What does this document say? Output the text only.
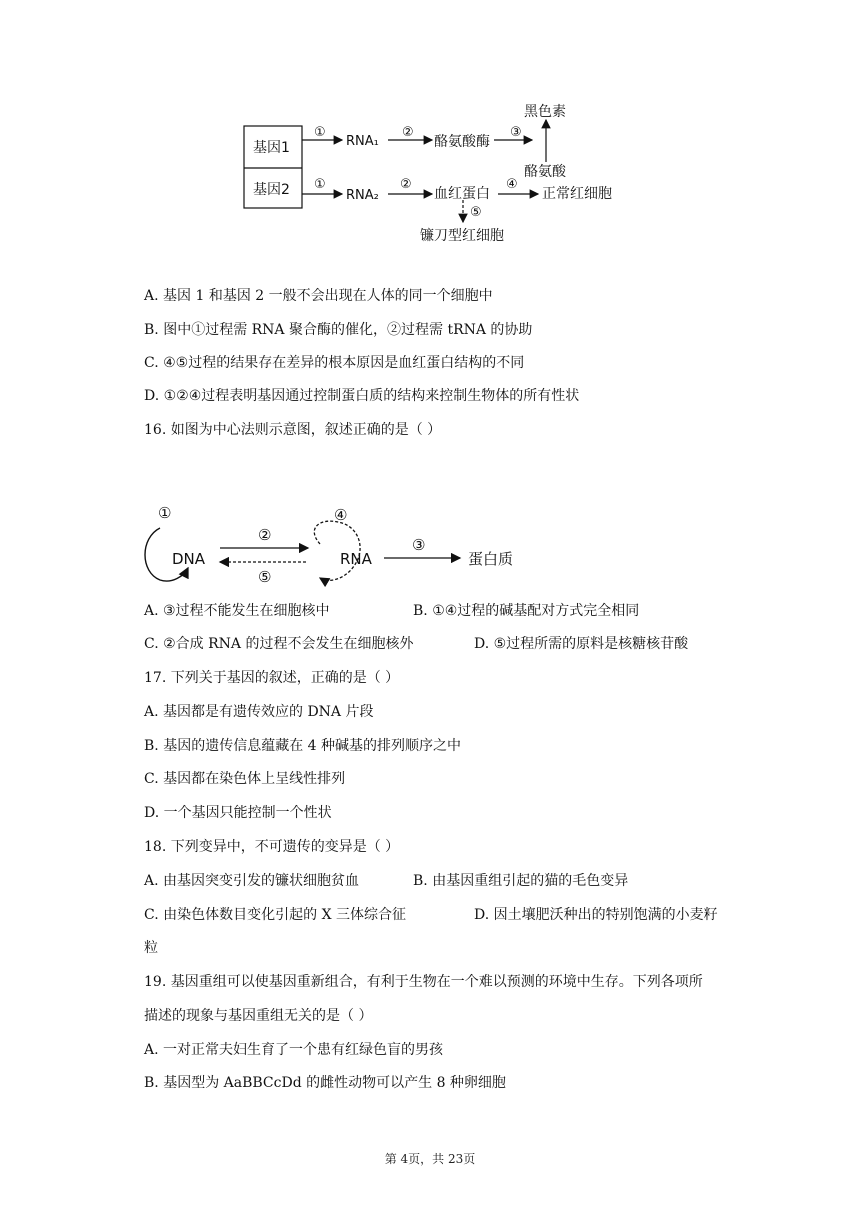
基因1
基因2
①
RNA₁
②
酪氨酸酶
③
黑色素
酪氨酸
①
RNA₂
②
血红蛋白
④
正常红细胞
⑤
镰刀型红细胞
A. 基因 1 和基因 2 一般不会出现在人体的同一个细胞中
B. 图中①过程需 RNA 聚合酶的催化，②过程需 tRNA 的协助
C. ④⑤过程的结果存在差异的根本原因是血红蛋白结构的不同
D. ①②④过程表明基因通过控制蛋白质的结构来控制生物体的所有性状
16. 如图为中心法则示意图，叙述正确的是（ ）
①
DNA
②
⑤
④
RNA
③
蛋白质
A. ③过程不能发生在细胞核中	B. ①④过程的碱基配对方式完全相同
C. ②合成 RNA 的过程不会发生在细胞核外	D. ⑤过程所需的原料是核糖核苷酸
17. 下列关于基因的叙述，正确的是（ ）
A. 基因都是有遗传效应的 DNA 片段
B. 基因的遗传信息蕴藏在 4 种碱基的排列顺序之中
C. 基因都在染色体上呈线性排列
D. 一个基因只能控制一个性状
18. 下列变异中，不可遗传的变异是（ ）
A. 由基因突变引发的镰状细胞贫血	B. 由基因重组引起的猫的毛色变异
C. 由染色体数目变化引起的 X 三体综合征	D. 因土壤肥沃种出的特别饱满的小麦籽
粒
19. 基因重组可以使基因重新组合，有利于生物在一个难以预测的环境中生存。下列各项所
描述的现象与基因重组无关的是（ ）
A. 一对正常夫妇生育了一个患有红绿色盲的男孩
B. 基因型为 AaBBCcDd 的雌性动物可以产生 8 种卵细胞
第 4页，共 23页
